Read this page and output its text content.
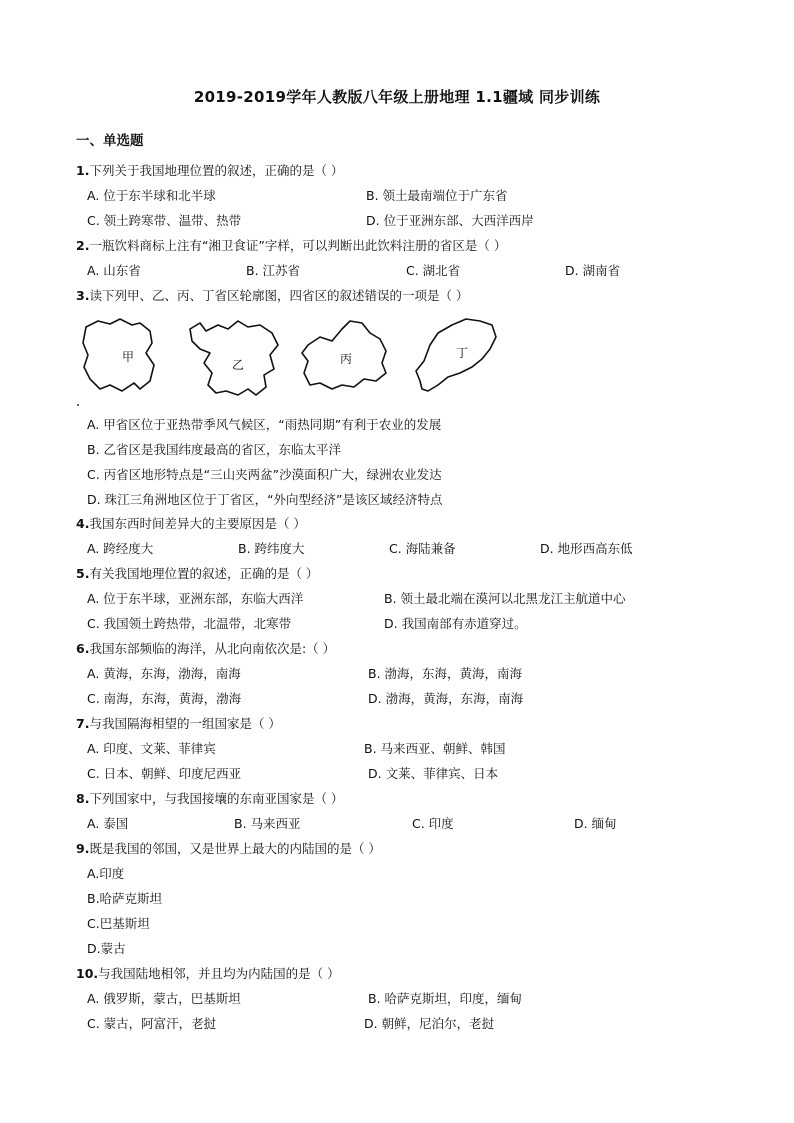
2019-2019学年人教版八年级上册地理 1.1疆域 同步训练
一、单选题
1.下列关于我国地理位置的叙述，正确的是（ ）
A. 位于东半球和北半球	B. 领土最南端位于广东省
C. 领土跨寒带、温带、热带	D. 位于亚洲东部、大西洋西岸
2.一瓶饮料商标上注有“湘卫食证”字样，可以判断出此饮料注册的省区是（ ）
A. 山东省	B. 江苏省	C. 湖北省	D. 湖南省
3.读下列甲、乙、丙、丁省区轮廓图，四省区的叙述错误的一项是（ ）
甲
乙	丙	丁
A. 甲省区位于亚热带季风气候区，“雨热同期”有利于农业的发展
B. 乙省区是我国纬度最高的省区，东临太平洋
C. 丙省区地形特点是“三山夹两盆”沙漠面积广大，绿洲农业发达
D. 珠江三角洲地区位于丁省区，“外向型经济”是该区域经济特点
4.我国东西时间差异大的主要原因是（ ）
A. 跨经度大	B. 跨纬度大	C. 海陆兼备	D. 地形西高东低
5.有关我国地理位置的叙述，正确的是（ ）
A. 位于东半球，亚洲东部，东临大西洋	B. 领土最北端在漠河以北黑龙江主航道中心
C. 我国领土跨热带，北温带，北寒带	D. 我国南部有赤道穿过。
6.我国东部频临的海洋，从北向南依次是:（ ）
A. 黄海，东海，渤海，南海	B. 渤海，东海，黄海，南海
C. 南海，东海，黄海，渤海	D. 渤海，黄海，东海，南海
7.与我国隔海相望的一组国家是（ ）
A. 印度、文莱、菲律宾	B. 马来西亚、朝鲜、韩国
C. 日本、朝鲜、印度尼西亚	D. 文莱、菲律宾、日本
8.下列国家中，与我国接壤的东南亚国家是（ ）
A. 泰国	B. 马来西亚	C. 印度	D. 缅甸
9.既是我国的邻国，又是世界上最大的内陆国的是（ ）
A.印度
B.哈萨克斯坦
C.巴基斯坦
D.蒙古
10.与我国陆地相邻，并且均为内陆国的是（ ）
A. 俄罗斯，蒙古，巴基斯坦	B. 哈萨克斯坦，印度，缅甸
C. 蒙古，阿富汗，老挝	D. 朝鲜，尼泊尔，老挝
